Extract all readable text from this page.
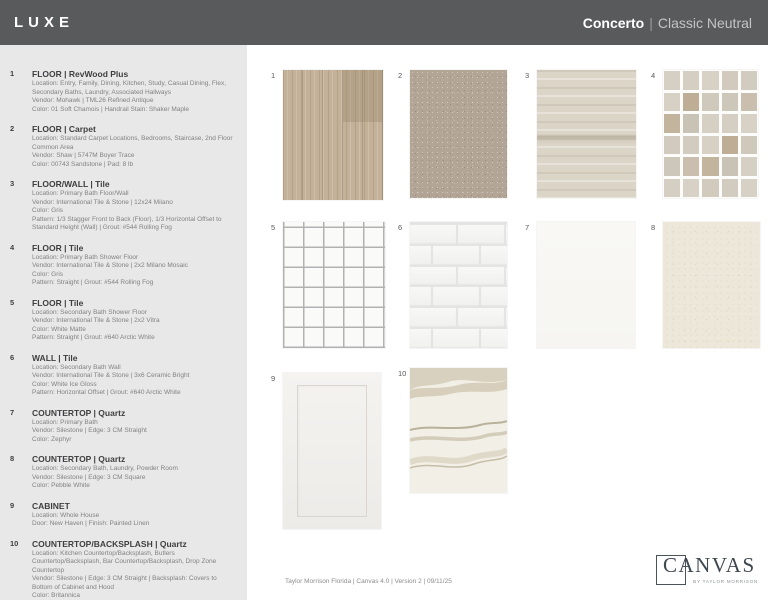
LUXE	Concerto | Classic Neutral
1	FLOOR | RevWood Plus
Location: Entry, Family, Dining, Kitchen, Study, Casual Dining, Flex, Secondary Baths, Laundry, Associated Hallways
Vendor: Mohawk | TML26 Refined Antique
Color: 01 Soft Chamois | Handrail Stain: Shaker Maple
2	FLOOR | Carpet
Location: Standard Carpet Locations, Bedrooms, Staircase, 2nd Floor Common Area
Vendor: Shaw | 5747M Boyer Trace
Color: 00743 Sandstone | Pad: 8 lb
3	FLOOR/WALL | Tile
Location: Primary Bath Floor/Wall
Vendor: International Tile & Stone | 12x24 Milano
Color: Gris
Pattern: 1/3 Stagger Front to Back (Floor), 1/3 Horizontal Offset to Standard Height (Wall) | Grout: #544 Rolling Fog
4	FLOOR | Tile
Location: Primary Bath Shower Floor
Vendor: International Tile & Stone | 2x2 Milano Mosaic
Color: Gris
Pattern: Straight | Grout: #544 Rolling Fog
5	FLOOR | Tile
Location: Secondary Bath Shower Floor
Vendor: International Tile & Stone | 2x2 Vitra
Color: White Matte
Pattern: Straight | Grout: #640 Arctic White
6	WALL | Tile
Location: Secondary Bath Wall
Vendor: International Tile & Stone | 3x6 Ceramic Bright
Color: White Ice Gloss
Pattern: Horizontal Offset | Grout: #640 Arctic White
7	COUNTERTOP | Quartz
Location: Primary Bath
Vendor: Silestone | Edge: 3 CM Straight
Color: Zephyr
8	COUNTERTOP | Quartz
Location: Secondary Bath, Laundry, Powder Room
Vendor: Silestone | Edge: 3 CM Square
Color: Pebble White
9	CABINET
Location: Whole House
Door: New Haven | Finish: Painted Linen
10	COUNTERTOP/BACKSPLASH | Quartz
Location: Kitchen Countertop/Backsplash, Butlers Countertop/Backsplash, Bar Countertop/Backsplash, Drop Zone Countertop
Vendor: Silestone | Edge: 3 CM Straight | Backsplash: Covers to Bottom of Cabinet and Hood
Color: Britannica
Taylor Morrison Florida | Canvas 4.0 | Version 2 | 09/11/25
CANVAS
BY TAYLOR MORRISON
1	2	3	4
5	6	7	8
9
10
